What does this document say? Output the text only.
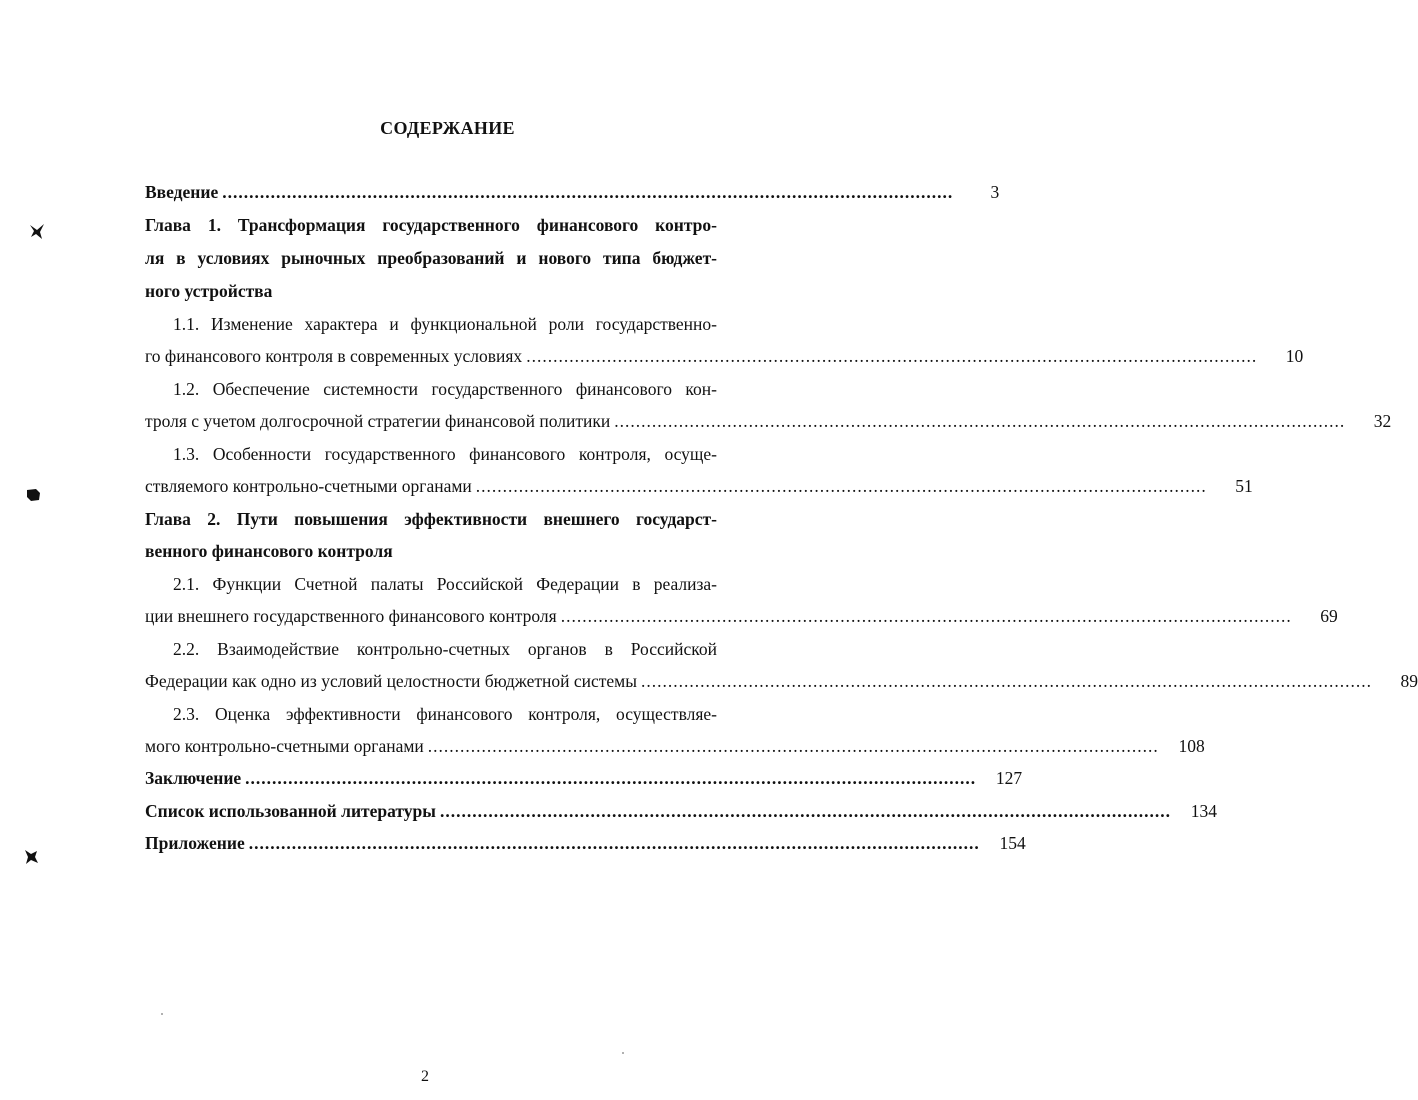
СОДЕРЖАНИЕ
Введение ........................................................................................................................................	3
Глава 1. Трансформация государственного финансового контро-
ля в условиях рыночных преобразований и нового типа бюджет-
ного устройства
1.1. Изменение характера и функциональной роли государственно-
го финансового контроля в современных условиях ........................................................................................................................................	10
1.2. Обеспечение системности государственного финансового кон-
троля с учетом долгосрочной стратегии финансовой политики ........................................................................................................................................	32
1.3. Особенности государственного финансового контроля, осуще-
ствляемого контрольно-счетными органами ........................................................................................................................................	51
Глава 2. Пути повышения эффективности внешнего государст-
венного финансового контроля
2.1. Функции Счетной палаты Российской Федерации в реализа-
ции внешнего государственного финансового контроля ........................................................................................................................................	69
2.2. Взаимодействие контрольно-счетных органов в Российской
Федерации как одно из условий целостности бюджетной системы ........................................................................................................................................	89
2.3. Оценка эффективности финансового контроля, осуществляе-
мого контрольно-счетными органами ........................................................................................................................................	108
Заключение ........................................................................................................................................	127
Список использованной литературы ........................................................................................................................................	134
Приложение ........................................................................................................................................	154
2
